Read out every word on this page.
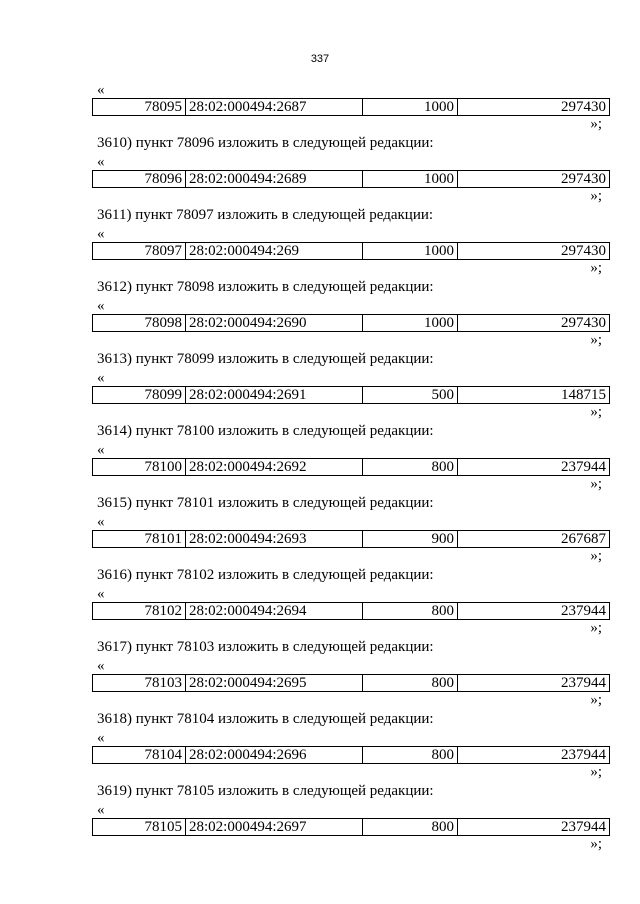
337
«
78095	28:02:000494:2687	1000	297430
»;
3610) пункт 78096 изложить в следующей редакции:
«
78096	28:02:000494:2689	1000	297430
»;
3611) пункт 78097 изложить в следующей редакции:
«
78097	28:02:000494:269	1000	297430
»;
3612) пункт 78098 изложить в следующей редакции:
«
78098	28:02:000494:2690	1000	297430
»;
3613) пункт 78099 изложить в следующей редакции:
«
78099	28:02:000494:2691	500	148715
»;
3614) пункт 78100 изложить в следующей редакции:
«
78100	28:02:000494:2692	800	237944
»;
3615) пункт 78101 изложить в следующей редакции:
«
78101	28:02:000494:2693	900	267687
»;
3616) пункт 78102 изложить в следующей редакции:
«
78102	28:02:000494:2694	800	237944
»;
3617) пункт 78103 изложить в следующей редакции:
«
78103	28:02:000494:2695	800	237944
»;
3618) пункт 78104 изложить в следующей редакции:
«
78104	28:02:000494:2696	800	237944
»;
3619) пункт 78105 изложить в следующей редакции:
«
78105	28:02:000494:2697	800	237944
»;
